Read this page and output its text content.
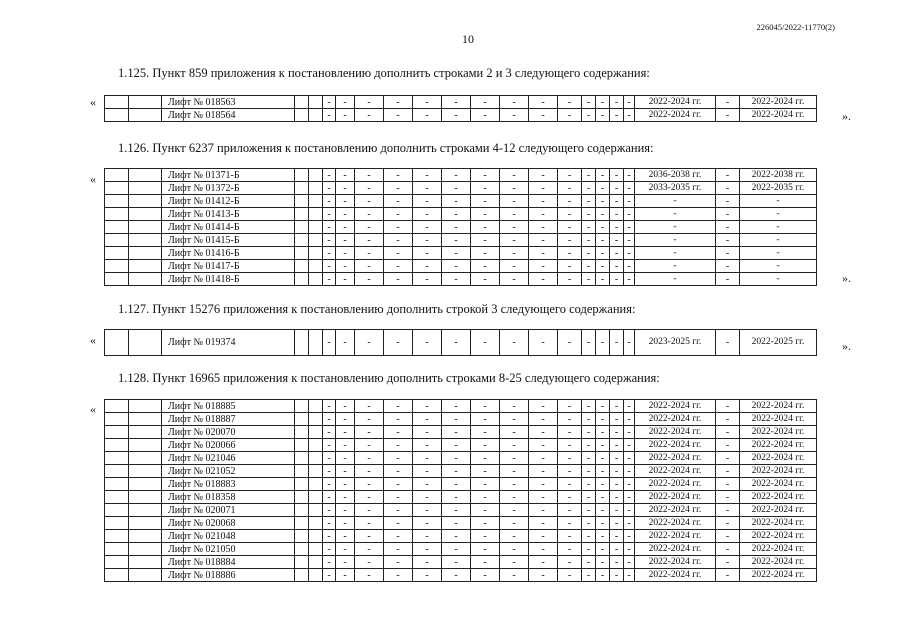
226045/2022-11770(2)
10
1.125. Пункт 859 приложения к постановлению дополнить строками 2 и 3 следующего содержания:
«
			Лифт № 018563			-	-	-	-	-	-	-	-	-	-	-	-	-	-	2022-2024 гг.	-	2022-2024 гг.
		Лифт № 018564			-	-	-	-	-	-	-	-	-	-	-	-	-	-	2022-2024 гг.	-	2022-2024 гг.	».
1.126. Пункт 6237 приложения к постановлению дополнить строками 4-12 следующего содержания:
«
			Лифт № 01371-Б			-	-	-	-	-	-	-	-	-	-	-	-	-	-	2036-2038 гг.	-	2022-2038 гг.
		Лифт № 01372-Б			-	-	-	-	-	-	-	-	-	-	-	-	-	-	2033-2035 гг.	-	2022-2035 гг.
		Лифт № 01412-Б			-	-	-	-	-	-	-	-	-	-	-	-	-	-	-	-	-
		Лифт № 01413-Б			-	-	-	-	-	-	-	-	-	-	-	-	-	-	-	-	-
		Лифт № 01414-Б			-	-	-	-	-	-	-	-	-	-	-	-	-	-	-	-	-
		Лифт № 01415-Б			-	-	-	-	-	-	-	-	-	-	-	-	-	-	-	-	-
		Лифт № 01416-Б			-	-	-	-	-	-	-	-	-	-	-	-	-	-	-	-	-
		Лифт № 01417-Б			-	-	-	-	-	-	-	-	-	-	-	-	-	-	-	-	-
		Лифт № 01418-Б			-	-	-	-	-	-	-	-	-	-	-	-	-	-	-	-	-	».
1.127. Пункт 15276 приложения к постановлению дополнить строкой 3 следующего содержания:
«
			Лифт № 019374			-	-	-	-	-	-	-	-	-	-	-	-	-	-	2023-2025 гг.	-	2022-2025 гг.	».
1.128. Пункт 16965 приложения к постановлению дополнить строками 8-25 следующего содержания:
«
			Лифт № 018885			-	-	-	-	-	-	-	-	-	-	-	-	-	-	2022-2024 гг.	-	2022-2024 гг.
		Лифт № 018887			-	-	-	-	-	-	-	-	-	-	-	-	-	-	2022-2024 гг.	-	2022-2024 гг.
		Лифт № 020070			-	-	-	-	-	-	-	-	-	-	-	-	-	-	2022-2024 гг.	-	2022-2024 гг.
		Лифт № 020066			-	-	-	-	-	-	-	-	-	-	-	-	-	-	2022-2024 гг.	-	2022-2024 гг.
		Лифт № 021046			-	-	-	-	-	-	-	-	-	-	-	-	-	-	2022-2024 гг.	-	2022-2024 гг.
		Лифт № 021052			-	-	-	-	-	-	-	-	-	-	-	-	-	-	2022-2024 гг.	-	2022-2024 гг.
		Лифт № 018883			-	-	-	-	-	-	-	-	-	-	-	-	-	-	2022-2024 гг.	-	2022-2024 гг.
		Лифт № 018358			-	-	-	-	-	-	-	-	-	-	-	-	-	-	2022-2024 гг.	-	2022-2024 гг.
		Лифт № 020071			-	-	-	-	-	-	-	-	-	-	-	-	-	-	2022-2024 гг.	-	2022-2024 гг.
		Лифт № 020068			-	-	-	-	-	-	-	-	-	-	-	-	-	-	2022-2024 гг.	-	2022-2024 гг.
		Лифт № 021048			-	-	-	-	-	-	-	-	-	-	-	-	-	-	2022-2024 гг.	-	2022-2024 гг.
		Лифт № 021050			-	-	-	-	-	-	-	-	-	-	-	-	-	-	2022-2024 гг.	-	2022-2024 гг.
		Лифт № 018884			-	-	-	-	-	-	-	-	-	-	-	-	-	-	2022-2024 гг.	-	2022-2024 гг.
		Лифт № 018886			-	-	-	-	-	-	-	-	-	-	-	-	-	-	2022-2024 гг.	-	2022-2024 гг.
